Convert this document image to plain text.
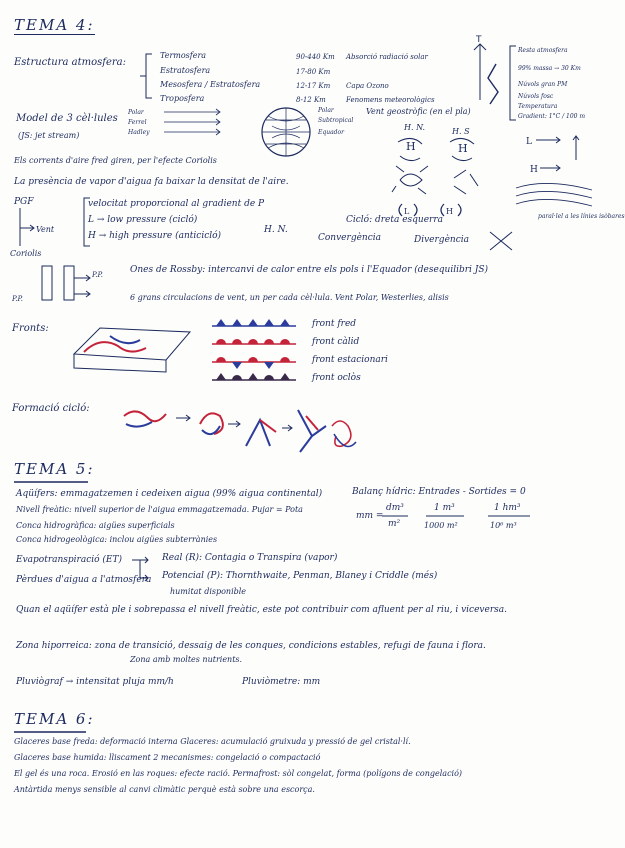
TEMA 4:
Estructura atmosfera:
Termosfera	90-440 Km Absorció radiació solar
Estratosfera	17-80 Km
Mesosfera / Estratosfera	12-17 Km Capa Ozono
Troposfera	8-12 Km	Fenomens meteorològics
T
Resta atmosfera
99% massa → 30 Km
Núvols gran PM
Núvols fosc
Temperatura
Gradient: 1°C / 100 m
Model de 3 cèl·lules
(JS: jet stream)
Polar
Ferrel
Hadley
Polar
Subtropical
Equador
Vent geostròfic (en el pla)
Els corrents d'aire fred giren, per l'efecte Coriolis
La presència de vapor d'aigua fa baixar la densitat de l'aire.
H. N.	H. S
H	H
L	H
L
H
paral·lel a les línies isòbares
PGF
Vent
Coriolis
velocitat proporcional al gradient de P
L → low pressure (cicló)
H → high pressure (anticicló)
H. N.
Cicló: dreta esquerra
Convergència	Divergència
P.P.
P.P.
Ones de Rossby: intercanvi de calor entre els pols i l'Equador (desequilibri JS)
6 grans circulacions de vent, un per cada cèl·lula. Vent Polar, Westerlies, alisis
Fronts:	front fred
front càlid
front estacionari
front oclòs
Formació cicló:
TEMA 5:
Aqüífers: emmagatzemen i cedeixen aigua (99% aigua continental)
Nivell freàtic: nivell superior de l'aigua emmagatzemada. Pujar = Pota
Conca hidrogràfica: aigües superficials
Conca hidrogeològica: inclou aigües subterrànies
Balanç hídric: Entrades - Sortides = 0
mm =
dm³
m²
1 m³
1000 m²
1 hm³
10⁶ m³
Evapotranspiració (ET)	Real (R): Contagia o Transpira (vapor)
Potencial (P): Thornthwaite, Penman, Blaney i Criddle (més)
Pèrdues d'aigua a l'atmosfera
humitat disponible
Quan el aqüífer està ple i sobrepassa el nivell freàtic, este pot contribuir com afluent per al riu, i viceversa.
Zona hiporreica: zona de transició, dessaig de les conques, condicions estables, refugi de fauna i flora.
Zona amb moltes nutrients.
Pluviògraf → intensitat pluja mm/h	Pluviòmetre: mm
TEMA 6:
Glaceres base freda: deformació interna Glaceres: acumulació gruixuda y pressió de gel cristal·lí.
Glaceres base humida: lliscament 2 mecanismes: congelació o compactació
El gel és una roca. Erosió en las roques: efecte ració. Permafrost: sòl congelat, forma (polígons de congelació)
Antàrtida menys sensible al canvi climàtic perquè està sobre una escorça.
